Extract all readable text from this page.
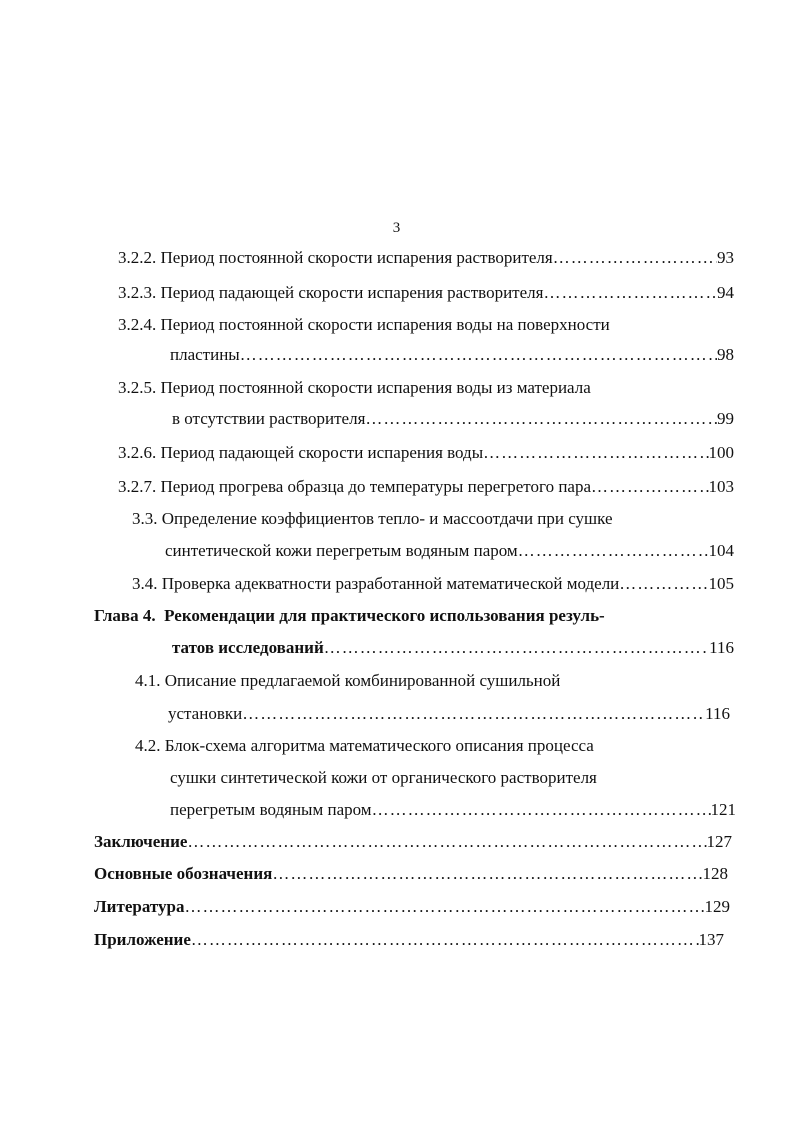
3
3.2.2. Период постоянной скорости испарения растворителя ……………………………………………………………………………………………………………………………………………………………………	93
3.2.3. Период падающей скорости испарения растворителя ……………………………………………………………………………………………………………………………………………………………………	94
3.2.4. Период постоянной скорости испарения воды на поверхности
пластины ……………………………………………………………………………………………………………………………………………………………………	98
3.2.5. Период постоянной скорости испарения воды из материала
в отсутствии растворителя ……………………………………………………………………………………………………………………………………………………………………	99
3.2.6. Период падающей скорости испарения воды ……………………………………………………………………………………………………………………………………………………………………	100
3.2.7. Период прогрева образца до температуры перегретого пара ……………………………………………………………………………………………………………………………………………………………………	103
3.3. Определение коэффициентов тепло- и массоотдачи при сушке
синтетической кожи перегретым водяным паром ……………………………………………………………………………………………………………………………………………………………………	104
3.4. Проверка адекватности разработанной математической модели ……………………………………………………………………………………………………………………………………………………………………	105
Глава 4. Рекомендации для практического использования резуль-
татов исследований ……………………………………………………………………………………………………………………………………………………………………	116
4.1. Описание предлагаемой комбинированной сушильной
установки ……………………………………………………………………………………………………………………………………………………………………	116
4.2. Блок-схема алгоритма математического описания процесса
сушки синтетической кожи от органического растворителя
перегретым водяным паром ……………………………………………………………………………………………………………………………………………………………………	121
Заключение ……………………………………………………………………………………………………………………………………………………………………	127
Основные обозначения ……………………………………………………………………………………………………………………………………………………………………	128
Литература ……………………………………………………………………………………………………………………………………………………………………	129
Приложение ……………………………………………………………………………………………………………………………………………………………………	137
